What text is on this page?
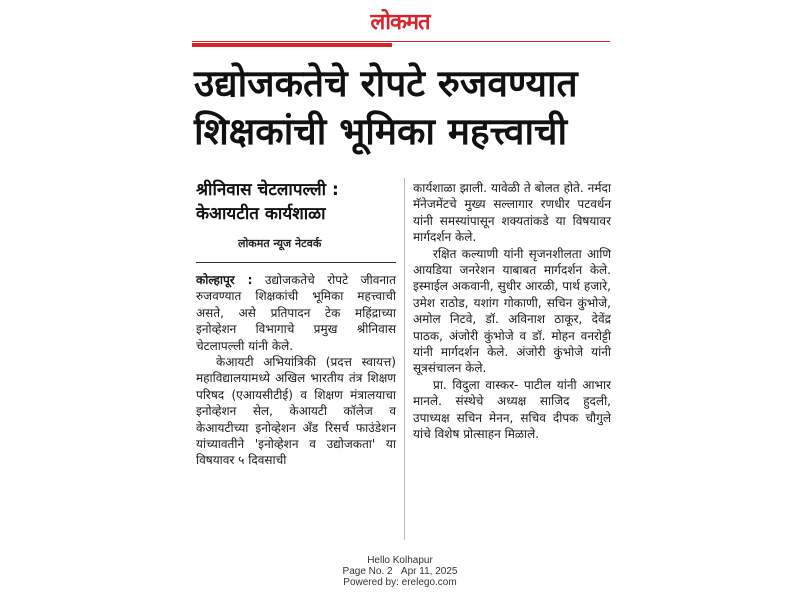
लोकमत
उद्योजकतेचे रोपटे रुजवण्यात
शिक्षकांची भूमिका महत्त्वाची
श्रीनिवास चेटलापल्ली :
केआयटीत कार्यशाळा
लोकमत न्यूज नेटवर्क

कोल्हापूर : उद्योजकतेचे रोपटे जीवनात रुजवण्यात शिक्षकांची भूमिका महत्त्वाची असते, असे प्रतिपादन टेक महिंद्राच्या इनोव्हेशन विभागाचे प्रमुख श्रीनिवास चेटलापल्ली यांनी केले.

केआयटी अभियांत्रिकी (प्रदत्त स्वायत्त) महाविद्यालयामध्ये अखिल भारतीय तंत्र शिक्षण परिषद (एआयसीटीई) व शिक्षण मंत्रालयाचा इनोव्हेशन सेल, केआयटी कॉलेज व केआयटीच्या इनोव्हेशन अँड रिसर्च फाउंडेशन यांच्यावतीने 'इनोव्हेशन व उद्योजकता' या विषयावर ५ दिवसाची

कार्यशाळा झाली. यावेळी ते बोलत होते. नर्मदा मॅनेजमेंटचे मुख्य सल्लागार रणधीर पटवर्धन यांनी समस्यांपासून शक्यतांकडे या विषयावर मार्गदर्शन केले.

रक्षित कल्याणी यांनी सृजनशीलता आणि आयडिया जनरेशन याबाबत मार्गदर्शन केले. इस्माईल अकवानी, सुधीर आरळी, पार्थ हजारे, उमेश राठोड, यशांग गोकाणी, सचिन कुंभोजे, अमोल निटवे, डॉ. अविनाश ठाकूर, देवेंद्र पाठक, अंजोरी कुंभोजे व डॉ. मोहन वनरोट्टी यांनी मार्गदर्शन केले. अंजोरी कुंभोजे यांनी सूत्रसंचालन केले.

प्रा. विदुला वास्कर- पाटील यांनी आभार मानले. संस्थेचे अध्यक्ष साजिद हुदली, उपाध्यक्ष सचिन मेनन, सचिव दीपक चौगुले यांचे विशेष प्रोत्साहन मिळाले.

Hello Kolhapur
Page No. 2 Apr 11, 2025
Powered by: erelego.com
